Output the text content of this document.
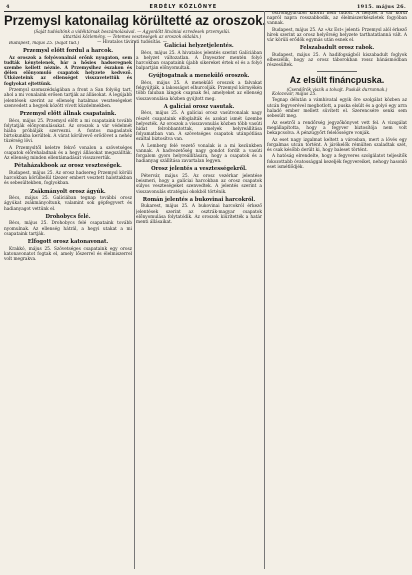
4	ERDÉLY KÖZLÖNYE	1915. május 26.
Przemysl katonailag körültetté az oroszok.
(Saját tudósítónk a vidéktársak beszámolásával. — Agyonlőtt litvániai ezredesek przemyslüi.
úttartási közlemény. — Tetemes veszteségek az oroszok oldalán.)
— Hivatalos távirati tudósítás. —

Budapest, május 25. (Saját tud.)

Przemysl előtt fordul a harcok.

Az oroszok a folyóvonalnál erőnk nyugaton, sem tudták kénytelenek, bár a hősies hadseregnek szembe kellett néznie. A Przemyslhez északon és délen előnyomuló csapatok helyzete kedvező. Ütközeteink az ellenséget visszavetettük és foglyokat ejtettünk.

Przemysl szomszédságában a front a San folyóig tart, ahol a mi vonalaink erősen tartják az állásokat. A legújabb jelentések szerint az ellenség hatalmas veszteségeket szenvedett a hegyek között vívott küzdelmekben.

Przemysl előtt állnak csapataink.

Bécs, május 25. Przemysl előtt a mi csapataink tovább folytatják előnyomulásukat. Az oroszok a vár védelmét hiába próbálják szervezni. A fontos magaslatok birtokunkba kerültek. A várat körülvevő erődövet a nehéz tüzérség lövi.

A Przemysltől keletre fekvő vonalon a szövetséges csapatok előrehaladnak és a hegyi állásokat megszállták. Az ellenség minden ellentámadását visszavertük.

Pétaházakbook az orosz veszteségek.

Budapest, május 25. Az orosz hadsereg Przemysl körüli harcokban körülbelül tízezer embert vesztett halottakban és sebesültekben, foglyokban.

Zsákmányolt orosz ágyúk.

Bécs, május 25. Galíciában tegnap további orosz ágyúkat zsákmányoltunk, valamint sok gépfegyvert és hadianyagot vettünk el.

Drohobycs felé.

Bécs, május 25. Drohobycs felé csapataink tovább nyomulnak. Az ellenség hátrál, a hegyi utakat a mi csapataink tartják.

Elfogott orosz katonavonat.

Krakkó, május 25. Szövetséges csapataink egy orosz katonavonatot fogtak el, amely lőszerrel és élelmiszerrel volt megrakva.

Galíciai helyzetjelentés.

Bécs, május 25. A hivatalos jelentés szerint Galíciában a helyzet változatlan. A Dnyeszter mentén folyó harcokban csapataink újabb sikereket értek el és a folyó balpartján előnyomultak.

Gyújtogatnak a menekülő oroszok.

Bécs, május 25. A menekülő oroszok a falvakat felgyújtják, a lakosságot elhurcolják. Przemysl környékén több faluban lángok csapnak fel, amelyeket az ellenség visszavonulása közben gyújtott meg.

A galíciai orosz vasutak.

Bécs, május 25. A galíciai orosz vasútvonalak nagy részét csapataink elfoglalták és azokat ismét üzembe helyezték. Az oroszok a visszavonulás közben több vasúti hidat felrobbantottak, amelyek helyreállítása folyamatban van. A szövetséges csapatok utánpótlása ezáltal biztosítva van.

A Lemberg felé vezető vonalak is a mi kezünkben vannak. A hadvezetőség nagy gondot fordít a vasúti forgalom gyors helyreállítására, hogy a csapatok és a hadianyag szállítása zavartalan legyen.

Orosz jelentés a vesztességekről.

Pétervár, május 25. Az orosz vezérkar jelentése beismeri, hogy a galíciai harcokban az orosz csapatok súlyos veszteségeket szenvedtek. A jelentés szerint a visszavonulás stratégiai okokból történik.

Román jelentés a bukovinai harcokról.

Bukarest, május 25. A bukovinai harcokról érkező jelentések szerint az osztrák-magyar csapatok előnyomulása folytatódik. Az oroszok kiürítették a határ menti állásaikat.

ostromgyűrűből kitörni nem tudott. A helyzet a vár körül napról napra rosszabbodik, az élelmiszerkészletek fogyóban vannak.

Budapest, május 25. Az »Az Est« jelenti: Przemysl alól érkező hírek szerint az orosz helyőrség helyzete tarthatatlanná vált. A vár körüli erődök egymás után esnek el.

Felszabadult orosz rabok.

Budapest, május 25. A hadifogságból kiszabadult foglyok elbeszélik, hogy az orosz táborokban rossz bánásmódban részesültek.

Az elsült fináncpuska.
(Csendőrök viszik a tolvajt. Puskák durrannak.)

Kolozsvár, május 25.

Tegnap délután a vámhivatal egyik őre szolgálat közben az utcán fegyverével megbotlott, a puska elsült és a golyó egy arra haladó ember mellett süvített el. Szerencsére senki sem sebesült meg.

Az esetről a rendőrség jegyzőkönyvet vett fel. A vizsgálat megállapította, hogy a fegyver biztosítója nem volt bekapcsolva. A pénzügyőrt felelősségre vonják.

Az eset nagy izgalmat keltett a városban, mert a lövés egy forgalmas utcán történt. A járókelők rémülten szaladtak szét, és csak később derült ki, hogy baleset történt.

A hatóság elrendelte, hogy a fegyveres szolgálatot teljesítők fokozottabb óvatossággal kezeljék fegyvereiket, nehogy hasonló eset ismétlődjék.
